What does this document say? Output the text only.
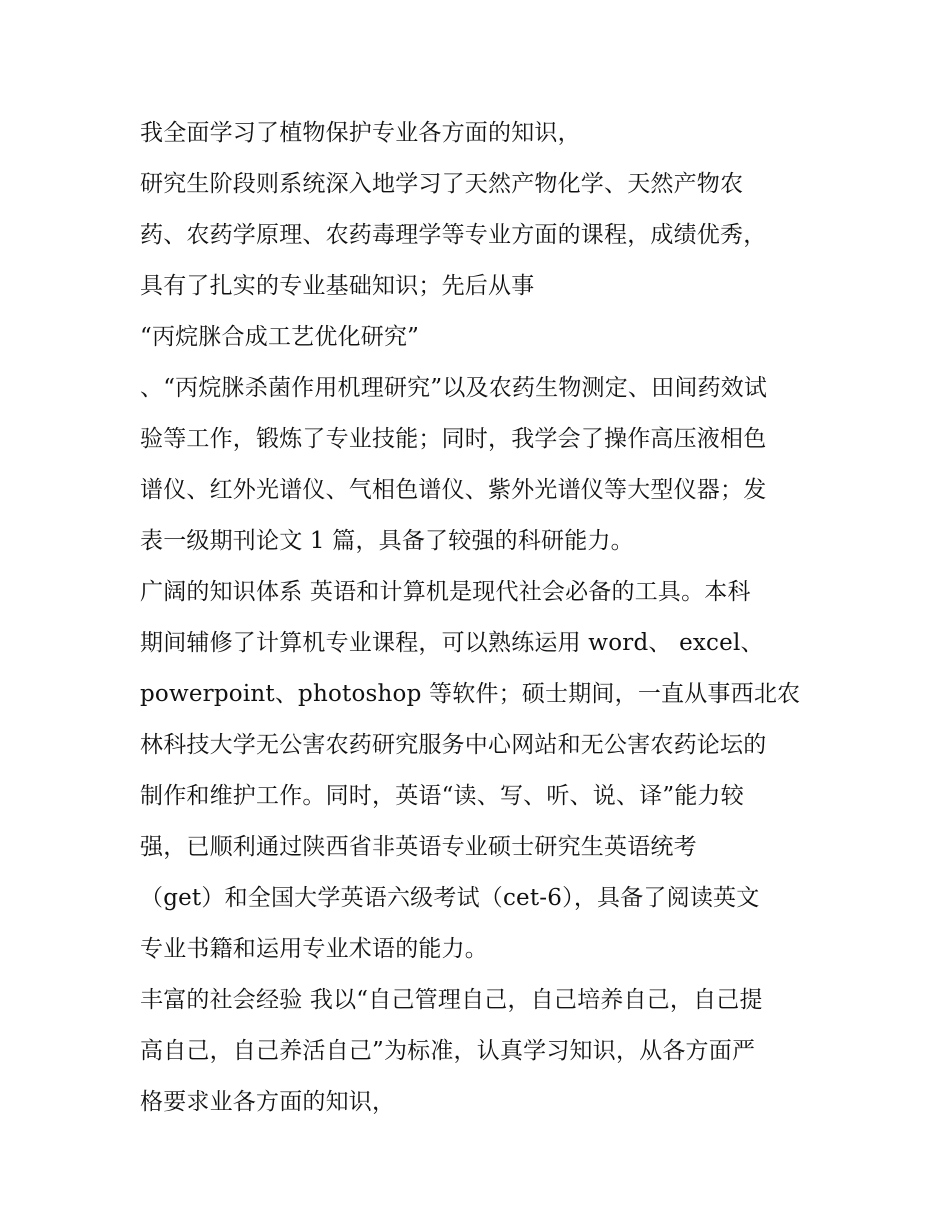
我全面学习了植物保护专业各方面的知识，
研究生阶段则系统深入地学习了天然产物化学、天然产物农
药、农药学原理、农药毒理学等专业方面的课程，成绩优秀，
具有了扎实的专业基础知识；先后从事
“丙烷脒合成工艺优化研究”
、“丙烷脒杀菌作用机理研究”以及农药生物测定、田间药效试
验等工作，锻炼了专业技能；同时，我学会了操作高压液相色
谱仪、红外光谱仪、气相色谱仪、紫外光谱仪等大型仪器；发
表一级期刊论文 1 篇，具备了较强的科研能力。
广阔的知识体系 英语和计算机是现代社会必备的工具。本科
期间辅修了计算机专业课程，可以熟练运用 word、 excel、
powerpoint、photoshop 等软件；硕士期间，一直从事西北农
林科技大学无公害农药研究服务中心网站和无公害农药论坛的
制作和维护工作。同时，英语“读、写、听、说、译”能力较
强，已顺利通过陕西省非英语专业硕士研究生英语统考
（get）和全国大学英语六级考试（cet-6），具备了阅读英文
专业书籍和运用专业术语的能力。
丰富的社会经验 我以“自己管理自己，自己培养自己，自己提
高自己，自己养活自己”为标准，认真学习知识，从各方面严
格要求业各方面的知识，
